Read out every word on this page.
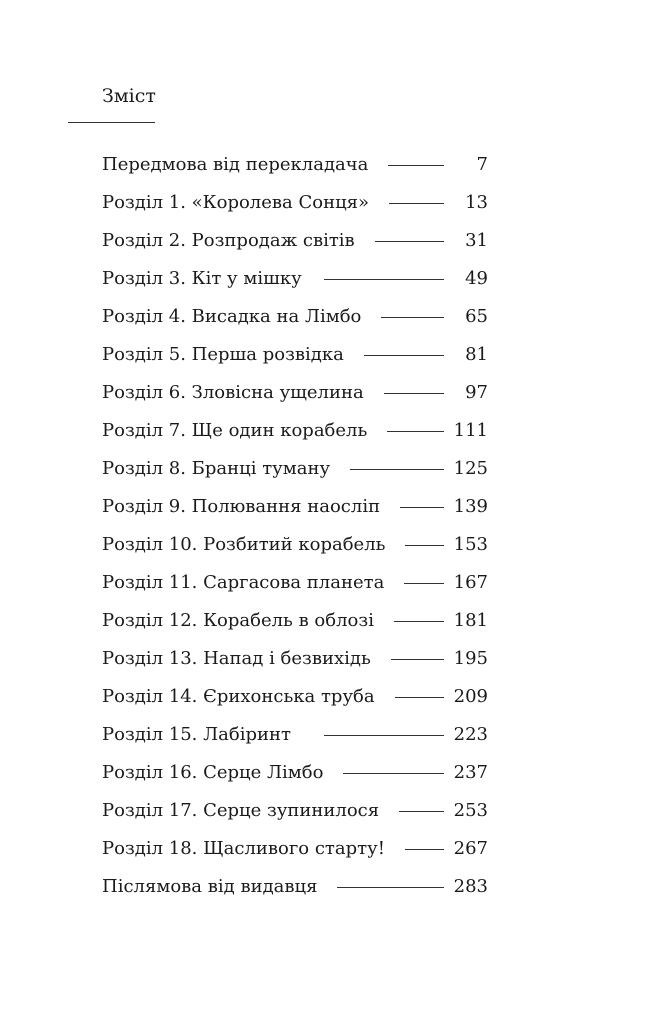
Зміст
Передмова від перекладача	7
Розділ 1. «Королева Сонця»	13
Розділ 2. Розпродаж світів	31
Розділ 3. Кіт у мішку	49
Розділ 4. Висадка на Лімбо	65
Розділ 5. Перша розвідка	81
Розділ 6. Зловісна ущелина	97
Розділ 7. Ще один корабель	111
Розділ 8. Бранці туману	125
Розділ 9. Полювання наосліп	139
Розділ 10. Розбитий корабель	153
Розділ 11. Саргасова планета	167
Розділ 12. Корабель в облозі	181
Розділ 13. Напад і безвихідь	195
Розділ 14. Єрихонська труба	209
Розділ 15. Лабіринт	223
Розділ 16. Серце Лімбо	237
Розділ 17. Серце зупинилося	253
Розділ 18. Щасливого старту!	267
Післямова від видавця	283
